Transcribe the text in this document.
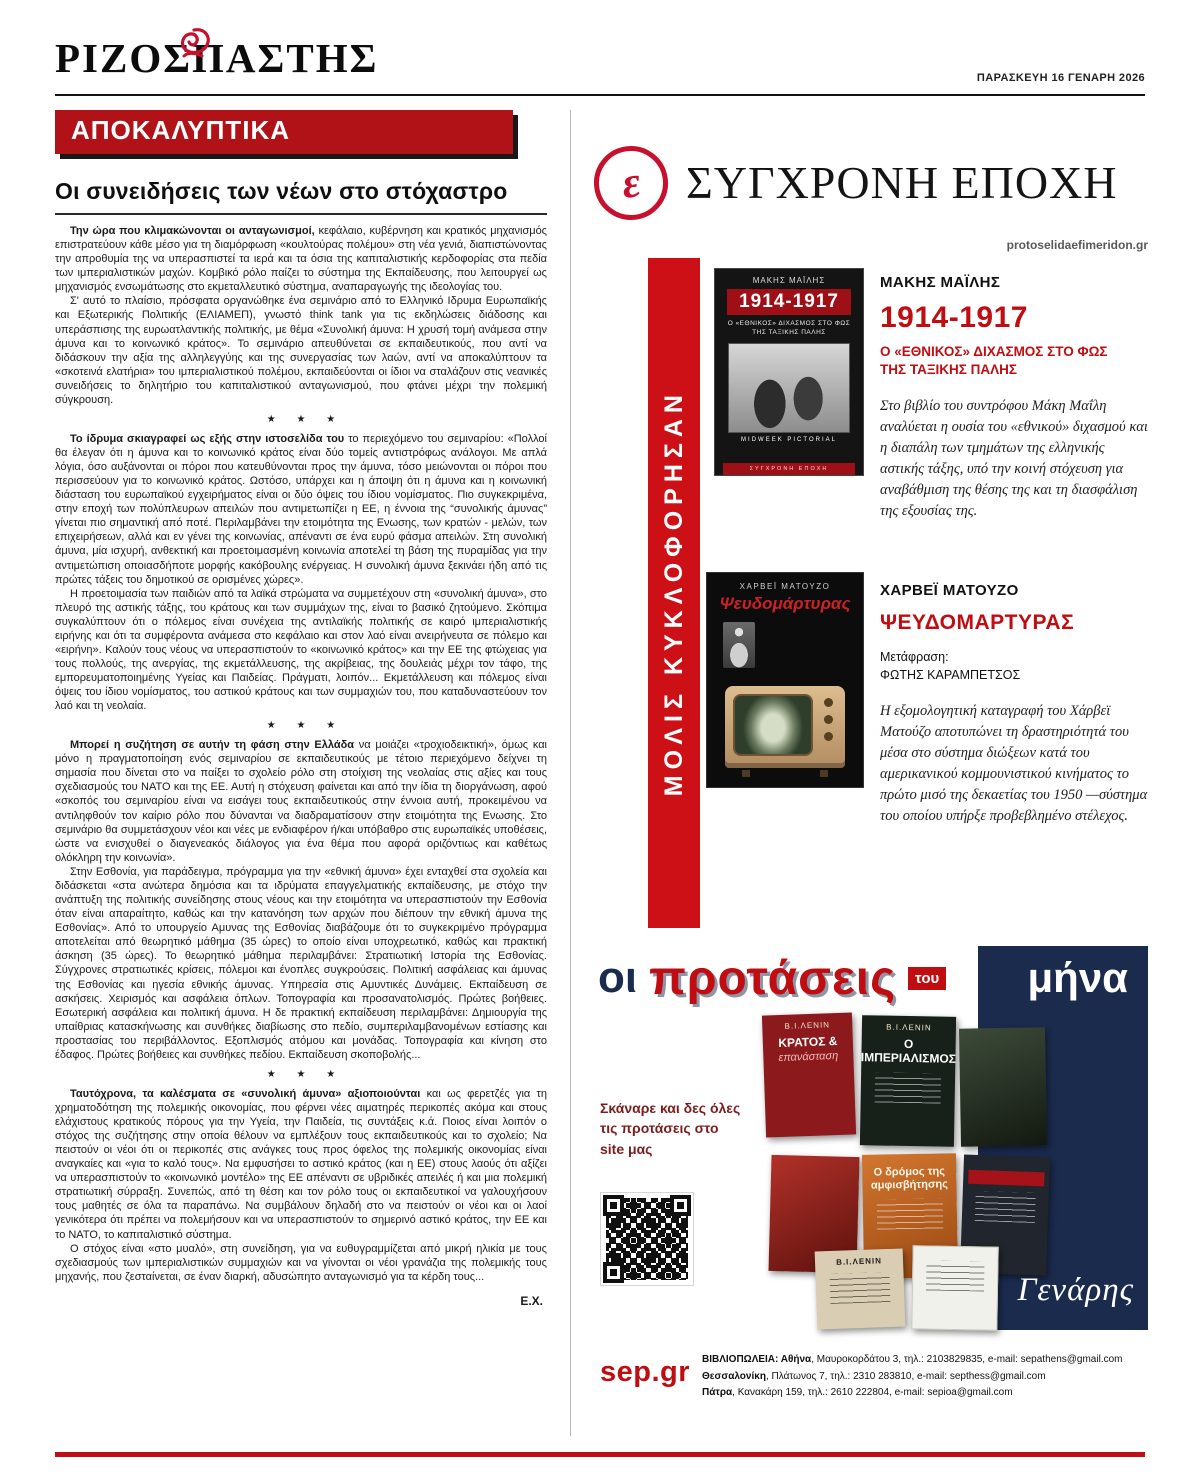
ΡΙΖΟΣΠΑΣΤΗΣ	ΠΑΡΑΣΚΕΥΗ 16 ΓΕΝΑΡΗ 2026
ΑΠΟΚΑΛΥΠΤΙΚΑ
Οι συνειδήσεις των νέων στο στόχαστρο

Την ώρα που κλιμακώνονται οι ανταγωνισμοί, κεφάλαιο, κυβέρνηση και κρατικός μηχανισμός επιστρατεύουν κάθε μέσο για τη διαμόρφωση «κουλτούρας πολέμου» στη νέα γενιά, διαπιστώνοντας την απροθυμία της να υπερασπιστεί τα ιερά και τα όσια της καπιταλιστικής κερδοφορίας στα πεδία των ιμπεριαλιστικών μαχών. Κομβικό ρόλο παίζει το σύστημα της Εκπαίδευσης, που λειτουργεί ως μηχανισμός ενσωμάτωσης στο εκμεταλλευτικό σύστημα, αναπαραγωγής της ιδεολογίας του.

Σ' αυτό το πλαίσιο, πρόσφατα οργανώθηκε ένα σεμινάριο από το Ελληνικό Ιδρυμα Ευρωπαϊκής και Εξωτερικής Πολιτικής (ΕΛΙΑΜΕΠ), γνωστό think tank για τις εκδηλώσεις διάδοσης και υπεράσπισης της ευρωατλαντικής πολιτικής, με θέμα «Συνολική άμυνα: Η χρυσή τομή ανάμεσα στην άμυνα και το κοινωνικό κράτος». Το σεμινάριο απευθύνεται σε εκπαιδευτικούς, που αντί να διδάσκουν την αξία της αλληλεγγύης και της συνεργασίας των λαών, αντί να αποκαλύπτουν τα «σκοτεινά ελατήρια» του ιμπεριαλιστικού πολέμου, εκπαιδεύονται οι ίδιοι να σταλάζουν στις νεανικές συνειδήσεις το δηλητήριο του καπιταλιστικού ανταγωνισμού, που φτάνει μέχρι την πολεμική σύγκρουση.

★ ★ ★

Το ίδρυμα σκιαγραφεί ως εξής στην ιστοσελίδα του το περιεχόμενο του σεμιναρίου: «Πολλοί θα έλεγαν ότι η άμυνα και το κοινωνικό κράτος είναι δύο τομείς αντιστρόφως ανάλογοι. Με απλά λόγια, όσο αυξάνονται οι πόροι που κατευθύνονται προς την άμυνα, τόσο μειώνονται οι πόροι που περισσεύουν για το κοινωνικό κράτος. Ωστόσο, υπάρχει και η άποψη ότι η άμυνα και η κοινωνική διάσταση του ευρωπαϊκού εγχειρήματος είναι οι δύο όψεις του ίδιου νομίσματος. Πιο συγκεκριμένα, στην εποχή των πολύπλευρων απειλών που αντιμετωπίζει η ΕΕ, η έννοια της “συνολικής άμυνας” γίνεται πιο σημαντική από ποτέ. Περιλαμβάνει την ετοιμότητα της Ενωσης, των κρατών - μελών, των επιχειρήσεων, αλλά και εν γένει της κοινωνίας, απέναντι σε ένα ευρύ φάσμα απειλών. Στη συνολική άμυνα, μία ισχυρή, ανθεκτική και προετοιμασμένη κοινωνία αποτελεί τη βάση της πυραμίδας για την αντιμετώπιση οποιασδήποτε μορφής κακόβουλης ενέργειας. Η συνολική άμυνα ξεκινάει ήδη από τις πρώτες τάξεις του δημοτικού σε ορισμένες χώρες».

Η προετοιμασία των παιδιών από τα λαϊκά στρώματα να συμμετέχουν στη «συνολική άμυνα», στο πλευρό της αστικής τάξης, του κράτους και των συμμάχων της, είναι το βασικό ζητούμενο. Σκόπιμα συγκαλύπτουν ότι ο πόλεμος είναι συνέχεια της αντιλαϊκής πολιτικής σε καιρό ιμπεριαλιστικής ειρήνης και ότι τα συμφέροντα ανάμεσα στο κεφάλαιο και στον λαό είναι ανειρήνευτα σε πόλεμο και «ειρήνη». Καλούν τους νέους να υπερασπιστούν το «κοινωνικό κράτος» και την ΕΕ της φτώχειας για τους πολλούς, της ανεργίας, της εκμετάλλευσης, της ακρίβειας, της δουλειάς μέχρι τον τάφο, της εμπορευματοποιημένης Υγείας και Παιδείας. Πράγματι, λοιπόν... Εκμετάλλευση και πόλεμος είναι όψεις του ίδιου νομίσματος, του αστικού κράτους και των συμμαχιών του, που καταδυναστεύουν τον λαό και τη νεολαία.

★ ★ ★

Μπορεί η συζήτηση σε αυτήν τη φάση στην Ελλάδα να μοιάζει «τροχιοδεικτική», όμως και μόνο η πραγματοποίηση ενός σεμιναρίου σε εκπαιδευτικούς με τέτοιο περιεχόμενο δείχνει τη σημασία που δίνεται στο να παίξει το σχολείο ρόλο στη στοίχιση της νεολαίας στις αξίες και τους σχεδιασμούς του ΝΑΤΟ και της ΕΕ. Αυτή η στόχευση φαίνεται και από την ίδια τη διοργάνωση, αφού «σκοπός του σεμιναρίου είναι να εισάγει τους εκπαιδευτικούς στην έννοια αυτή, προκειμένου να αντιληφθούν τον καίριο ρόλο που δύνανται να διαδραματίσουν στην ετοιμότητα της Ενωσης. Στο σεμινάριο θα συμμετάσχουν νέοι και νέες με ενδιαφέρον ή/και υπόβαθρο στις ευρωπαϊκές υποθέσεις, ώστε να ενισχυθεί ο διαγενεακός διάλογος για ένα θέμα που αφορά οριζόντιως και καθέτως ολόκληρη την κοινωνία».

Στην Εσθονία, για παράδειγμα, πρόγραμμα για την «εθνική άμυνα» έχει ενταχθεί στα σχολεία και διδάσκεται «στα ανώτερα δημόσια και τα ιδρύματα επαγγελματικής εκπαίδευσης, με στόχο την ανάπτυξη της πολιτικής συνείδησης στους νέους και την ετοιμότητα να υπερασπιστούν την Εσθονία όταν είναι απαραίτητο, καθώς και την κατανόηση των αρχών που διέπουν την εθνική άμυνα της Εσθονίας». Από το υπουργείο Αμυνας της Εσθονίας διαβάζουμε ότι το συγκεκριμένο πρόγραμμα αποτελείται από θεωρητικό μάθημα (35 ώρες) το οποίο είναι υποχρεωτικό, καθώς και πρακτική άσκηση (35 ώρες). Το θεωρητικό μάθημα περιλαμβάνει: Στρατιωτική Ιστορία της Εσθονίας. Σύγχρονες στρατιωτικές κρίσεις, πόλεμοι και ένοπλες συγκρούσεις. Πολιτική ασφάλειας και άμυνας της Εσθονίας και ηγεσία εθνικής άμυνας. Υπηρεσία στις Αμυντικές Δυνάμεις. Εκπαίδευση σε ασκήσεις. Χειρισμός και ασφάλεια όπλων. Τοπογραφία και προσανατολισμός. Πρώτες βοήθειες. Εσωτερική ασφάλεια και πολιτική άμυνα. Η δε πρακτική εκπαίδευση περιλαμβάνει: Δημιουργία της υπαίθριας κατασκήνωσης και συνθήκες διαβίωσης στο πεδίο, συμπεριλαμβανομένων εστίασης και προστασίας του περιβάλλοντος. Εξοπλισμός ατόμου και μονάδας. Τοπογραφία και κίνηση στο έδαφος. Πρώτες βοήθειες και συνθήκες πεδίου. Εκπαίδευση σκοποβολής...

★ ★ ★

Ταυτόχρονα, τα καλέσματα σε «συνολική άμυνα» αξιοποιούνται και ως φερετζές για τη χρηματοδότηση της πολεμικής οικονομίας, που φέρνει νέες αιματηρές περικοπές ακόμα και στους ελάχιστους κρατικούς πόρους για την Υγεία, την Παιδεία, τις συντάξεις κ.ά. Ποιος είναι λοιπόν ο στόχος της συζήτησης στην οποία θέλουν να εμπλέξουν τους εκπαιδευτικούς και το σχολείο; Να πειστούν οι νέοι ότι οι περικοπές στις ανάγκες τους προς όφελος της πολεμικής οικονομίας είναι αναγκαίες και «για το καλό τους». Να εμφυσήσει το αστικό κράτος (και η ΕΕ) στους λαούς ότι αξίζει να υπερασπιστούν το «κοινωνικό μοντέλο» της ΕΕ απέναντι σε υβριδικές απειλές ή και μια πολεμική στρατιωτική σύρραξη. Συνεπώς, από τη θέση και τον ρόλο τους οι εκπαιδευτικοί να γαλουχήσουν τους μαθητές σε όλα τα παραπάνω. Να συμβάλουν δηλαδή στο να πειστούν οι νέοι και οι λαοί γενικότερα ότι πρέπει να πολεμήσουν και να υπερασπιστούν το σημερινό αστικό κράτος, την ΕΕ και το ΝΑΤΟ, το καπιταλιστικό σύστημα.

Ο στόχος είναι «στο μυαλό», στη συνείδηση, για να ευθυγραμμίζεται από μικρή ηλικία με τους σχεδιασμούς των ιμπεριαλιστικών συμμαχιών και να γίνονται οι νέοι γρανάζια της πολεμικής τους μηχανής, που ζεσταίνεται, σε έναν διαρκή, αδυσώπητο ανταγωνισμό για τα κέρδη τους...

Ε.Χ.
ε ΣΥΓΧΡΟΝΗ ΕΠΟΧΗ
protoselidaefimeridon.gr
ΜΟΛΙΣ ΚΥΚΛΟΦΟΡΗΣΑΝ
ΜΑΚΗΣ ΜΑΪΛΗΣ
1914-1917
Ο «ΕΘΝΙΚΟΣ» ΔΙΧΑΣΜΟΣ ΣΤΟ ΦΩΣ ΤΗΣ ΤΑΞΙΚΗΣ ΠΑΛΗΣ
MIDWEEK PICTORIAL
ΣΥΓΧΡΟΝΗ ΕΠΟΧΗ
ΜΑΚΗΣ ΜΑΪΛΗΣ
1914-1917
Ο «ΕΘΝΙΚΟΣ» ΔΙΧΑΣΜΟΣ ΣΤΟ ΦΩΣ ΤΗΣ ΤΑΞΙΚΗΣ ΠΑΛΗΣ
Στο βιβλίο του συντρόφου Μάκη Μαΐλη αναλύεται η ουσία του «εθνικού» διχασμού και η διαπάλη των τμημάτων της ελληνικής αστικής τάξης, υπό την κοινή στόχευση για αναβάθμιση της θέσης της και τη διασφάλιση της εξουσίας της.
ΧΑΡΒΕΪ ΜΑΤΟΥΖΟ
Ψευδομάρτυρας
ΧΑΡΒΕΪ ΜΑΤΟΥΖΟ
ΨΕΥΔΟΜΑΡΤΥΡΑΣ
Μετάφραση:
ΦΩΤΗΣ ΚΑΡΑΜΠΕΤΣΟΣ
Η εξομολογητική καταγραφή του Χάρβεϊ Ματούζο αποτυπώνει τη δραστηριότητά του μέσα στο σύστημα διώξεων κατά του αμερικανικού κομμουνιστικού κινήματος το πρώτο μισό της δεκαετίας του 1950 —σύστημα του οποίου υπήρξε προβεβλημένο στέλεχος.
οι προτάσεις	του μήνα
Σκάναρε και δες όλες τις προτάσεις στο site μας
Β.Ι.ΛΕΝΙΝ
ΚΡΑΤΟΣ &
επανάσταση
Β.Ι.ΛΕΝΙΝ
Ο ΙΜΠΕΡΙΑΛΙΣΜΟΣ
Ο δρόμος της αμφισβήτησης
Β.Ι.ΛΕΝΙΝ
Γενάρης
sep.gr ΒΙΒΛΙΟΠΩΛΕΙΑ: Αθήνα, Μαυροκορδάτου 3, τηλ.: 2103829835, e-mail: sepathens@gmail.com
Θεσσαλονίκη, Πλάτωνος 7, τηλ.: 2310 283810, e-mail: septhess@gmail.com
Πάτρα, Κανακάρη 159, τηλ.: 2610 222804, e-mail: sepioa@gmail.com
